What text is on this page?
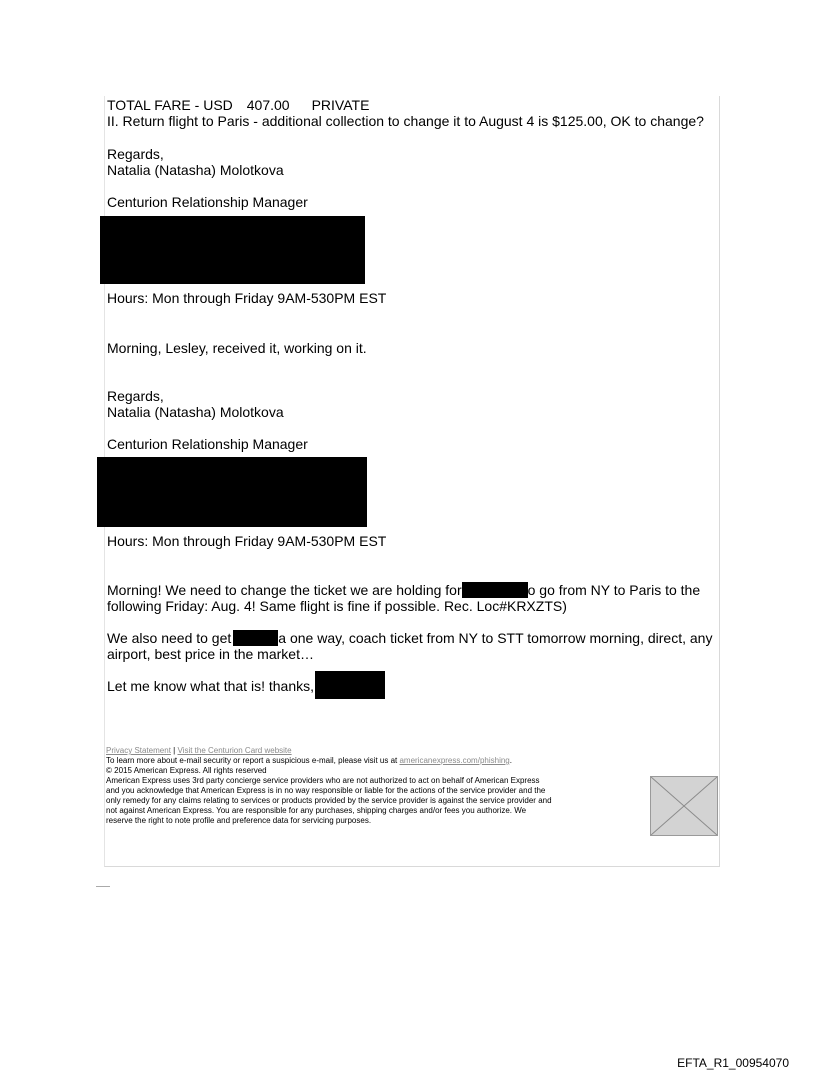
TOTAL FARE - USD 407.00 PRIVATE
II. Return flight to Paris - additional collection to change it to August 4 is $125.00, OK to change?
Regards,
Natalia (Natasha) Molotkova
Centurion Relationship Manager
Hours: Mon through Friday 9AM-530PM EST
Morning, Lesley, received it, working on it.
Regards,
Natalia (Natasha) Molotkova
Centurion Relationship Manager
Hours: Mon through Friday 9AM-530PM EST
Morning! We need to change the ticket we are holding for	o go from NY to Paris to the
following Friday: Aug. 4! Same flight is fine if possible. Rec. Loc#KRXZTS)
We also need to get	a one way, coach ticket from NY to STT tomorrow morning, direct, any
airport, best price in the market…
Let me know what that is! thanks,
Privacy Statement | Visit the Centurion Card website
To learn more about e-mail security or report a suspicious e-mail, please visit us at americanexpress.com/phishing.
© 2015 American Express. All rights reserved
American Express uses 3rd party concierge service providers who are not authorized to act on behalf of American Express
and you acknowledge that American Express is in no way responsible or liable for the actions of the service provider and the
only remedy for any claims relating to services or products provided by the service provider is against the service provider and
not against American Express. You are responsible for any purchases, shipping charges and/or fees you authorize. We
reserve the right to note profile and preference data for servicing purposes.
EFTA_R1_00954070
